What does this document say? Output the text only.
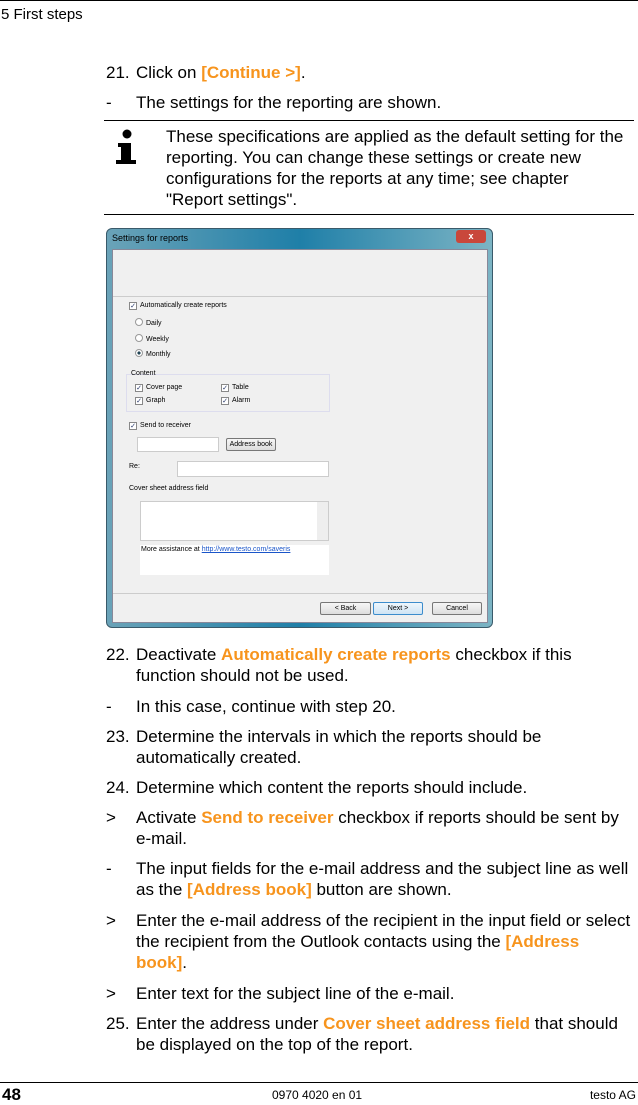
5 First steps
21. Click on [Continue >].
-	The settings for the reporting are shown.
These specifications are applied as the default setting for the reporting. You can change these settings or create new configurations for the reports at any time; see chapter "Report settings".
Settings for reports	x
✓ Automatically create reports
Daily
Weekly
Monthly
Content
✓ Cover page	✓ Table
✓ Graph	✓ Alarm
✓ Send to receiver
Address book
Re:
Cover sheet address field
More assistance at http://www.testo.com/saveris
< Back	Next >	Cancel
22. Deactivate Automatically create reports checkbox if this function should not be used.
-	In this case, continue with step 20.
23. Determine the intervals in which the reports should be automatically created.
24. Determine which content the reports should include.
>	Activate Send to receiver checkbox if reports should be sent by e-mail.
-	The input fields for the e-mail address and the subject line as well as the [Address book] button are shown.
>	Enter the e-mail address of the recipient in the input field or select the recipient from the Outlook contacts using the [Address book].
>	Enter text for the subject line of the e-mail.
25. Enter the address under Cover sheet address field that should be displayed on the top of the report.
48	0970 4020 en 01	testo AG
